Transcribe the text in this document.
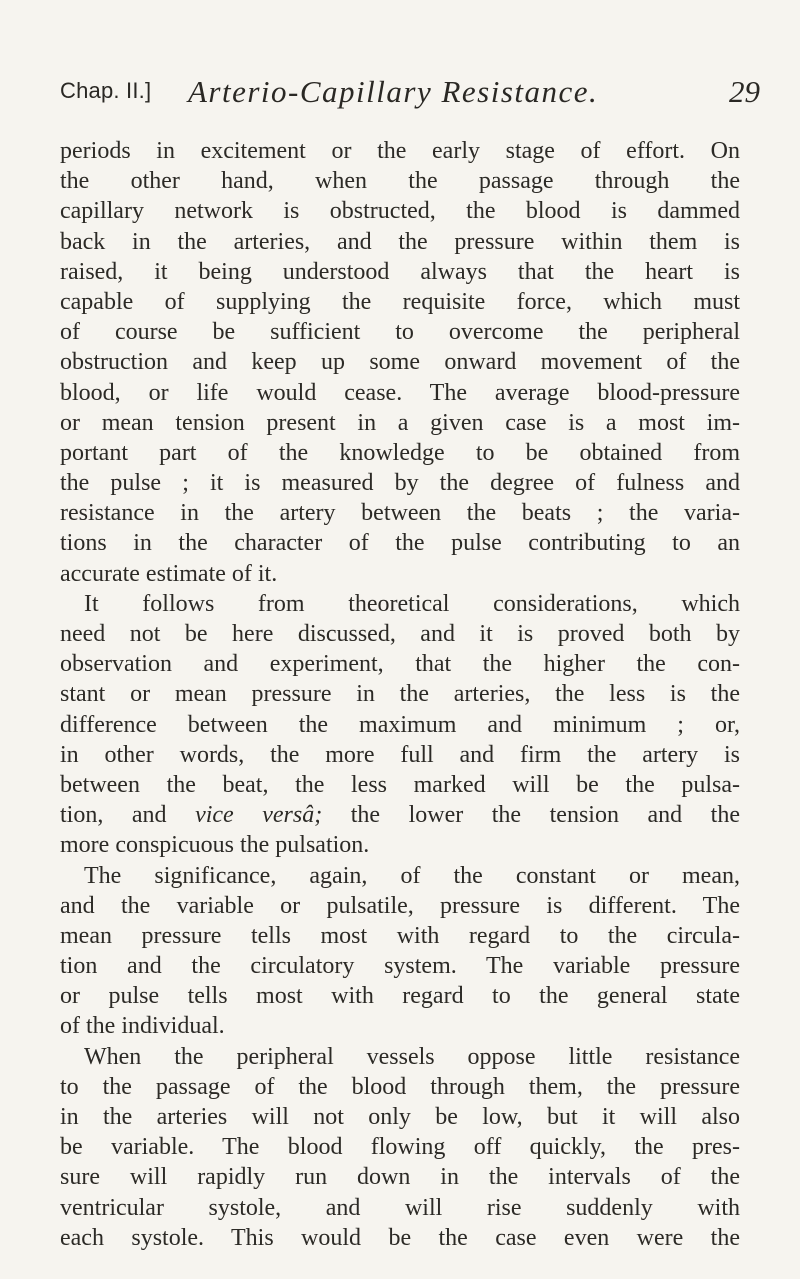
Chap. II.] Arterio-Capillary Resistance.	29
periods in excitement or the early stage of effort. On
the other hand, when the passage through the
capillary network is obstructed, the blood is dammed
back in the arteries, and the pressure within them is
raised, it being understood always that the heart is
capable of supplying the requisite force, which must
of course be sufficient to overcome the peripheral
obstruction and keep up some onward movement of the
blood, or life would cease. The average blood-pressure
or mean tension present in a given case is a most im-
portant part of the knowledge to be obtained from
the pulse ; it is measured by the degree of fulness and
resistance in the artery between the beats ; the varia-
tions in the character of the pulse contributing to an
accurate estimate of it.
It follows from theoretical considerations, which
need not be here discussed, and it is proved both by
observation and experiment, that the higher the con-
stant or mean pressure in the arteries, the less is the
difference between the maximum and minimum ; or,
in other words, the more full and firm the artery is
between the beat, the less marked will be the pulsa-
tion, and vice versâ; the lower the tension and the
more conspicuous the pulsation.
The significance, again, of the constant or mean,
and the variable or pulsatile, pressure is different. The
mean pressure tells most with regard to the circula-
tion and the circulatory system. The variable pressure
or pulse tells most with regard to the general state
of the individual.
When the peripheral vessels oppose little resistance
to the passage of the blood through them, the pressure
in the arteries will not only be low, but it will also
be variable. The blood flowing off quickly, the pres-
sure will rapidly run down in the intervals of the
ventricular systole, and will rise suddenly with
each systole. This would be the case even were the
